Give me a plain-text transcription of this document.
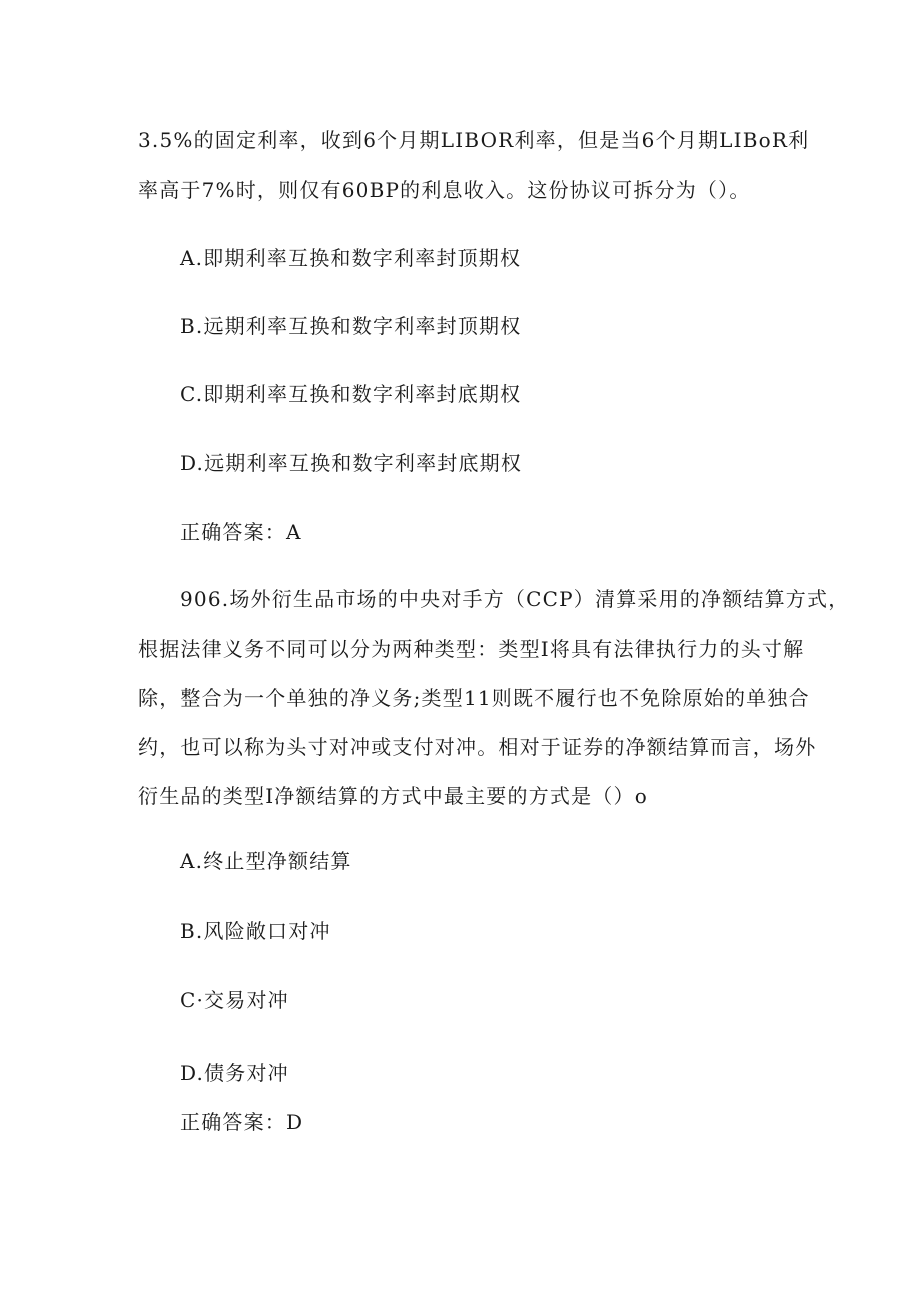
3.5%的固定利率，收到6个月期LIBOR利率，但是当6个月期LIBoR利
率高于7%时，则仅有60BP的利息收入。这份协议可拆分为（）。
A.即期利率互换和数字利率封顶期权
B.远期利率互换和数字利率封顶期权
C.即期利率互换和数字利率封底期权
D.远期利率互换和数字利率封底期权
正确答案：A
906.场外衍生品市场的中央对手方（CCP）清算采用的净额结算方式，
根据法律义务不同可以分为两种类型：类型Ⅰ将具有法律执行力的头寸解
除，整合为一个单独的净义务;类型11则既不履行也不免除原始的单独合
约，也可以称为头寸对冲或支付对冲。相对于证券的净额结算而言，场外
衍生品的类型Ⅰ净额结算的方式中最主要的方式是（）o
A.终止型净额结算
B.风险敞口对冲
C·交易对冲
D.债务对冲
正确答案：D
